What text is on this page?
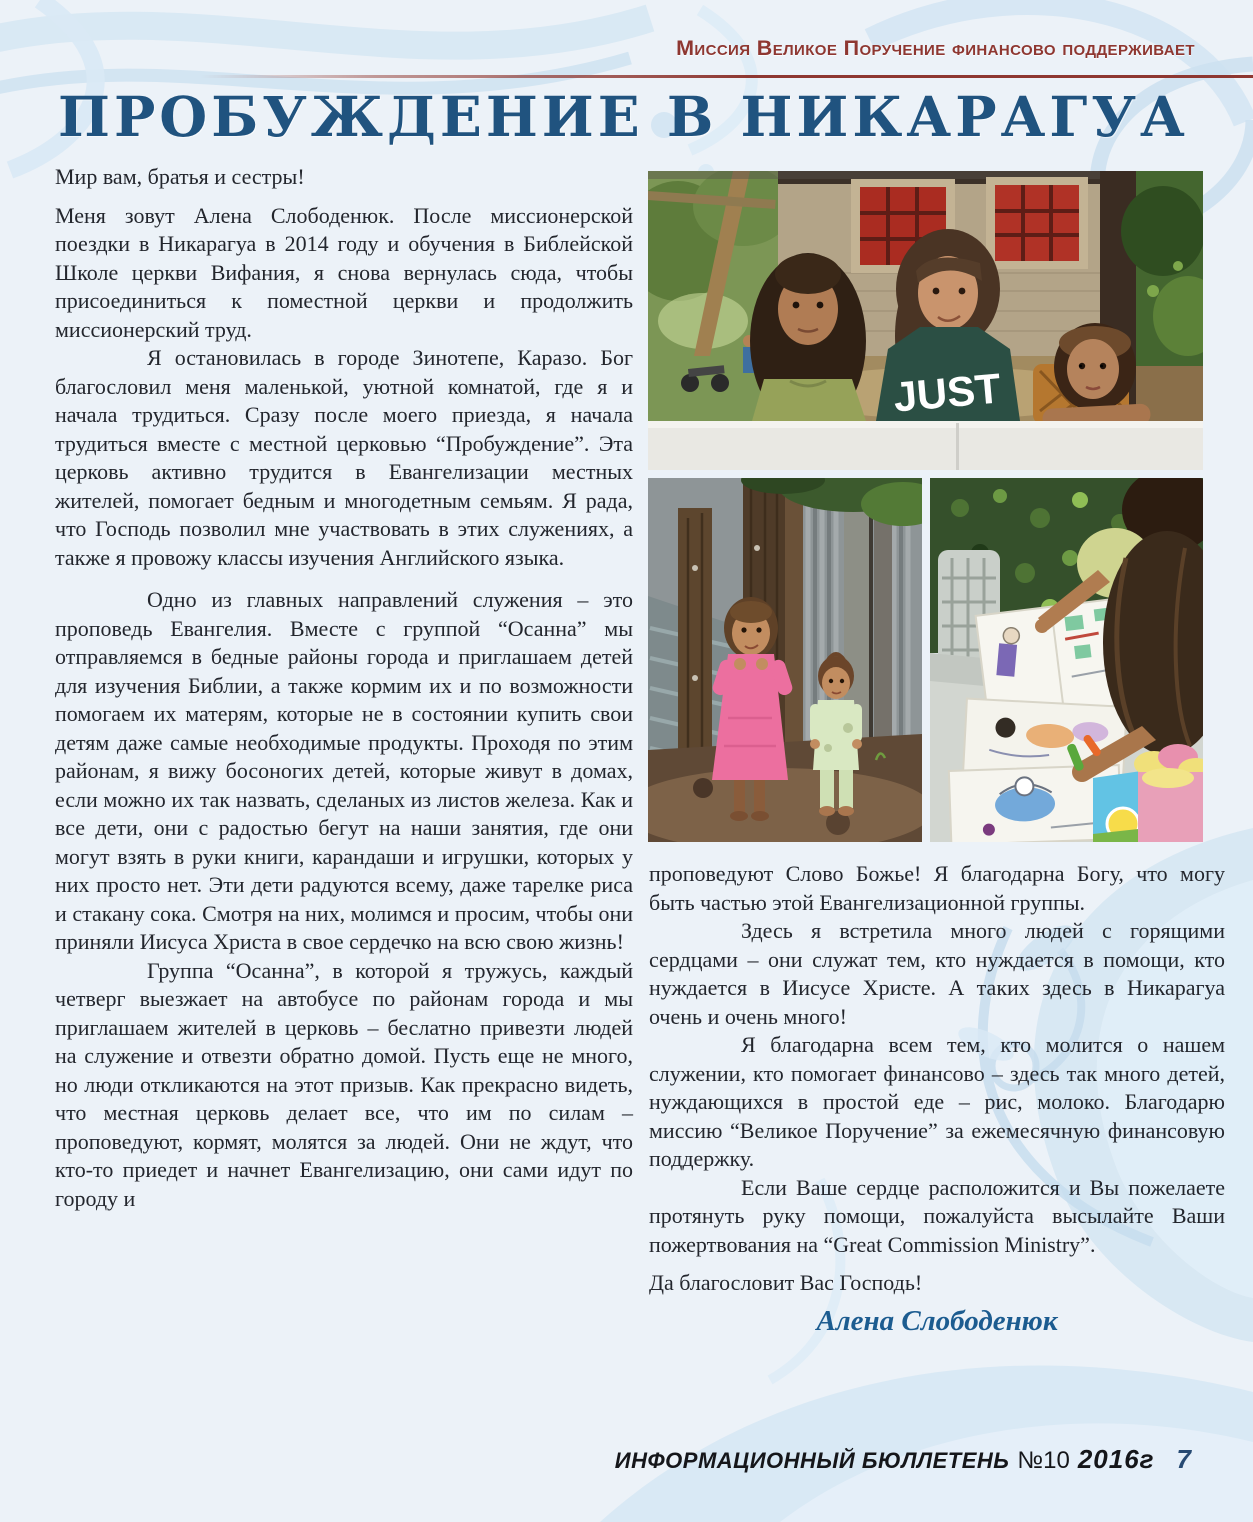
Миссия Великое Поручение финансово поддерживает
ПРОБУЖДЕНИЕ В НИКАРАГУА

Мир вам, братья и сестры!

Меня зовут Алена Слободенюк. После миссионерской поездки в Никарагуа в 2014 году и обучения в Библейской Школе церкви Вифания, я снова вернулась сюда, чтобы присоединиться к поместной церкви и продолжить миссионерский труд.

Я остановилась в городе Зинотепе, Каразо. Бог благословил меня маленькой, уютной комнатой, где я и начала трудиться. Сразу после моего приезда, я начала трудиться вместе с местной церковью “Пробуждение”. Эта церковь активно трудится в Евангелизации местных жителей, помогает бедным и многодетным семьям. Я рада, что Господь позволил мне участвовать в этих служениях, а также я провожу классы изучения Английского языка.

Одно из главных направлений служения – это проповедь Евангелия. Вместе с группой “Осанна” мы отправляемся в бедные районы города и приглашаем детей для изучения Библии, а также кормим их и по возможности помогаем их матерям, которые не в состоянии купить свои детям даже самые необходимые продукты. Проходя по этим районам, я вижу босоногих детей, которые живут в домах, если можно их так назвать, сделаных из листов железа. Как и все дети, они с радостью бегут на наши занятия, где они могут взять в руки книги, карандаши и игрушки, которых у них просто нет. Эти дети радуются всему, даже тарелке риса и стакану сока. Смотря на них, молимся и просим, чтобы они приняли Иисуса Христа в свое сердечко на всю свою жизнь!

Группа “Осанна”, в которой я тружусь, каждый четверг выезжает на автобусе по районам города и мы приглашаем жителей в церковь – беслатно привезти людей на служение и отвезти обратно домой. Пусть еще не много, но люди откликаются на этот призыв. Как прекрасно видеть, что местная церковь делает все, что им по силам – проповедуют, кормят, молятся за людей. Они не ждут, что кто-то приедет и начнет Евангелизацию, они сами идут по городу и

JUST

проповедуют Слово Божье! Я благодарна Богу, что могу быть частью этой Евангелизационной группы.

Здесь я встретила много людей с горящими сердцами – они служат тем, кто нуждается в помощи, кто нуждается в Иисусе Христе. А таких здесь в Никарагуа очень и очень много!

Я благодарна всем тем, кто молится о нашем служении, кто помогает финансово – здесь так много детей, нуждающихся в простой еде – рис, молоко. Благодарю миссию “Великое Поручение” за ежемесячную финансовую поддержку.

Если Ваше сердце расположится и Вы пожелаете протянуть руку помощи, пожалуйста высылайте Ваши пожертвования на “Great Commission Ministry”.

Да благословит Вас Господь!

Алена Слободенюк
ИНФОРМАЦИОННЫЙ БЮЛЛЕТЕНЬ №10 2016г 7
